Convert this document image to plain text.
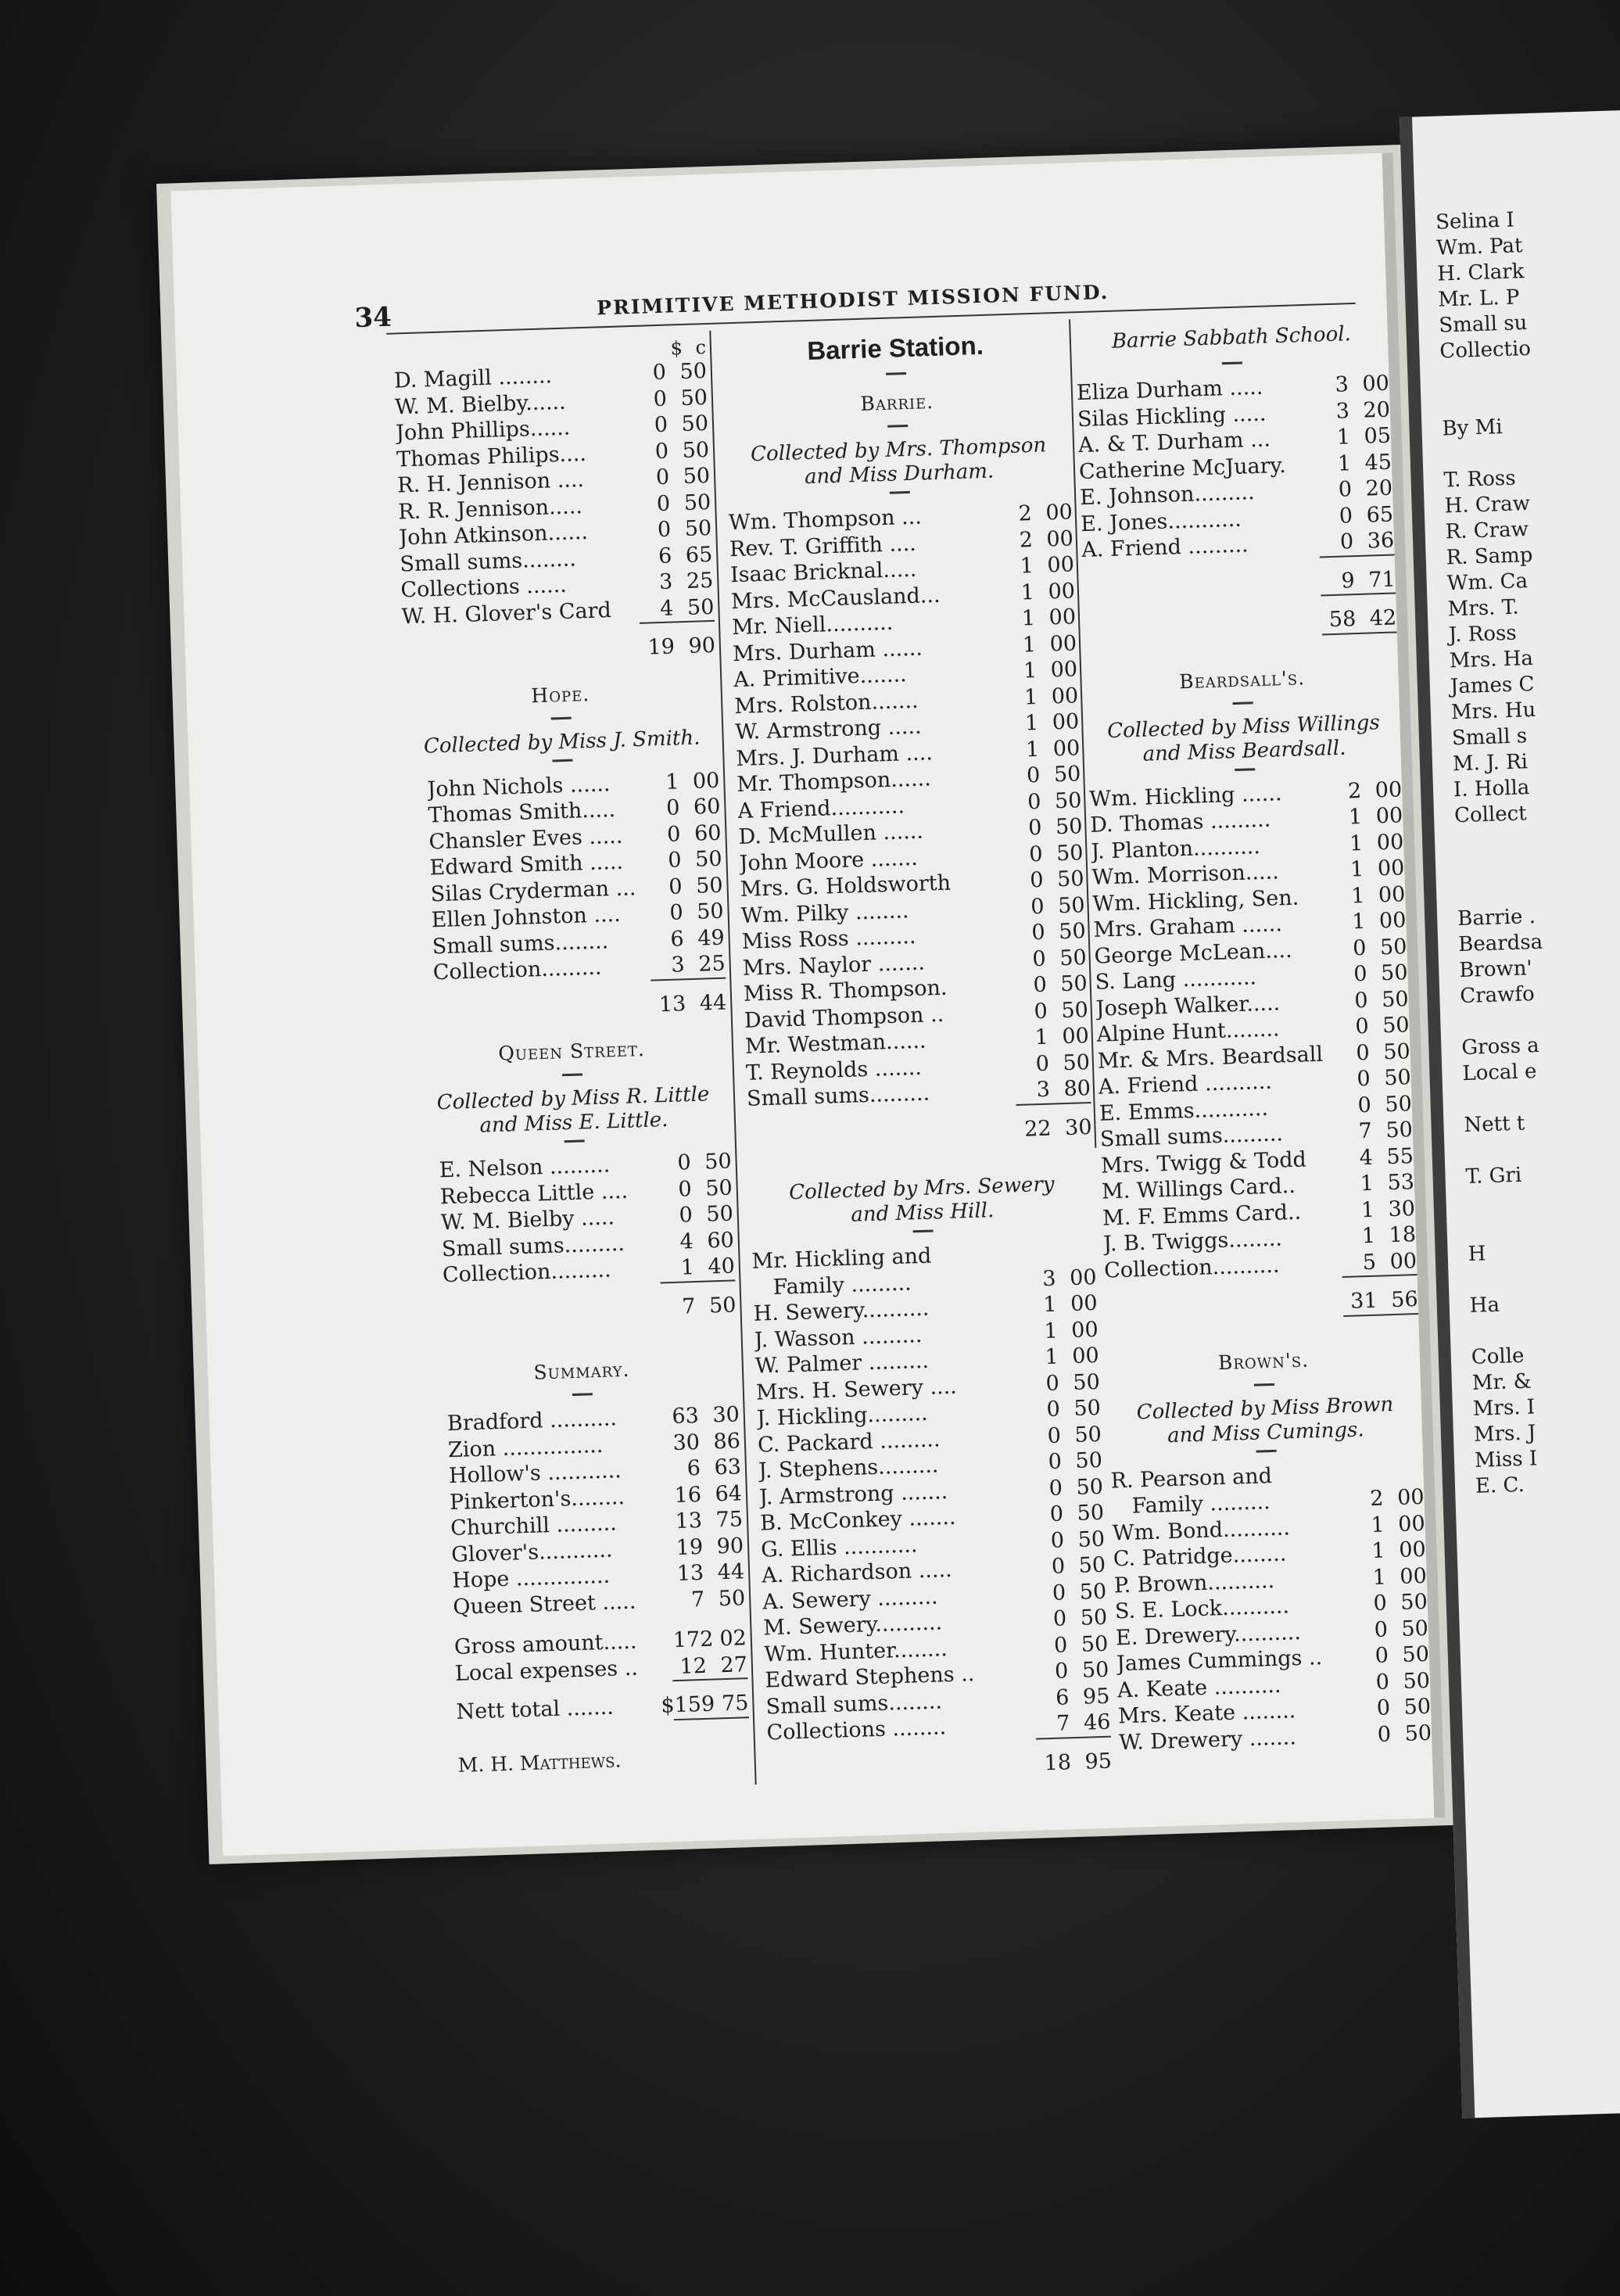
34	PRIMITIVE METHODIST MISSION FUND.
$ c
D. Magill ........	0 50
W. M. Bielby......	0 50
John Phillips......	0 50
Thomas Philips....	0 50
R. H. Jennison ....	0 50
R. R. Jennison.....	0 50
John Atkinson......	0 50
Small sums........	6 65
Collections ......	3 25
W. H. Glover's Card	4 50
19 90
Hope.
Collected by Miss J. Smith.
John Nichols ......	1 00
Thomas Smith.....	0 60
Chansler Eves .....	0 60
Edward Smith .....	0 50
Silas Cryderman ...	0 50
Ellen Johnston ....	0 50
Small sums........	6 49
Collection.........	3 25
13 44
Queen Street.
Collected by Miss R. Little
and Miss E. Little.
E. Nelson .........	0 50
Rebecca Little ....	0 50
W. M. Bielby .....	0 50
Small sums.........	4 60
Collection.........	1 40
7 50
Summary.
Bradford ..........	63 30
Zion ...............	30 86
Hollow's ...........	6 63
Pinkerton's........	16 64
Churchill .........	13 75
Glover's...........	19 90
Hope ..............	13 44
Queen Street .....	7 50
Gross amount.....	172 02
Local expenses ..	12 27
Nett total .......	$159 75
M. H. Matthews.
Barrie Station.
Barrie.
Collected by Mrs. Thompson
and Miss Durham.
Wm. Thompson ...	2 00
Rev. T. Griffith ....	2 00
Isaac Bricknal.....	1 00
Mrs. McCausland...	1 00
Mr. Niell..........	1 00
Mrs. Durham ......	1 00
A. Primitive.......	1 00
Mrs. Rolston.......	1 00
W. Armstrong .....	1 00
Mrs. J. Durham ....	1 00
Mr. Thompson......	0 50
A Friend...........	0 50
D. McMullen ......	0 50
John Moore .......	0 50
Mrs. G. Holdsworth	0 50
Wm. Pilky ........	0 50
Miss Ross .........	0 50
Mrs. Naylor .......	0 50
Miss R. Thompson.	0 50
David Thompson ..	0 50
Mr. Westman......	1 00
T. Reynolds .......	0 50
Small sums.........	3 80
22 30
Collected by Mrs. Sewery
and Miss Hill.
Mr. Hickling and
Family .........	3 00
H. Sewery..........	1 00
J. Wasson .........	1 00
W. Palmer .........	1 00
Mrs. H. Sewery ....	0 50
J. Hickling.........	0 50
C. Packard .........	0 50
J. Stephens.........	0 50
J. Armstrong .......	0 50
B. McConkey .......	0 50
G. Ellis ...........	0 50
A. Richardson .....	0 50
A. Sewery .........	0 50
M. Sewery..........	0 50
Wm. Hunter........	0 50
Edward Stephens ..	0 50
Small sums........	6 95
Collections ........	7 46
18 95
Barrie Sabbath School.
Eliza Durham .....	3 00
Silas Hickling .....	3 20
A. & T. Durham ...	1 05
Catherine McJuary.	1 45
E. Johnson.........	0 20
E. Jones...........	0 65
A. Friend .........	0 36
9 71
58 42
Beardsall's.
Collected by Miss Willings
and Miss Beardsall.
Wm. Hickling ......	2 00
D. Thomas .........	1 00
J. Planton..........	1 00
Wm. Morrison.....	1 00
Wm. Hickling, Sen.	1 00
Mrs. Graham ......	1 00
George McLean....	0 50
S. Lang ...........	0 50
Joseph Walker.....	0 50
Alpine Hunt........	0 50
Mr. & Mrs. Beardsall	0 50
A. Friend ..........	0 50
E. Emms...........	0 50
Small sums.........	7 50
Mrs. Twigg & Todd	4 55
M. Willings Card..	1 53
M. F. Emms Card..	1 30
J. B. Twiggs........	1 18
Collection..........	5 00
31 56
Brown's.
Collected by Miss Brown
and Miss Cumings.
R. Pearson and
Family .........	2 00
Wm. Bond..........	1 00
C. Patridge........	1 00
P. Brown..........	1 00
S. E. Lock..........	0 50
E. Drewery..........	0 50
James Cummings ..	0 50
A. Keate ..........	0 50
Mrs. Keate ........	0 50
W. Drewery .......	0 50
Selina I
Wm. Pat
H. Clark
Mr. L. P
Small su
Collectio
By Mi
T. Ross
H. Craw
R. Craw
R. Samp
Wm. Ca
Mrs. T.
J. Ross
Mrs. Ha
James C
Mrs. Hu
Small s
M. J. Ri
I. Holla
Collect
Barrie .
Beardsa
Brown'
Crawfo
Gross a
Local e
Nett t
T. Gri
H
Ha
Colle
Mr. &
Mrs. I
Mrs. J
Miss I
E. C.
